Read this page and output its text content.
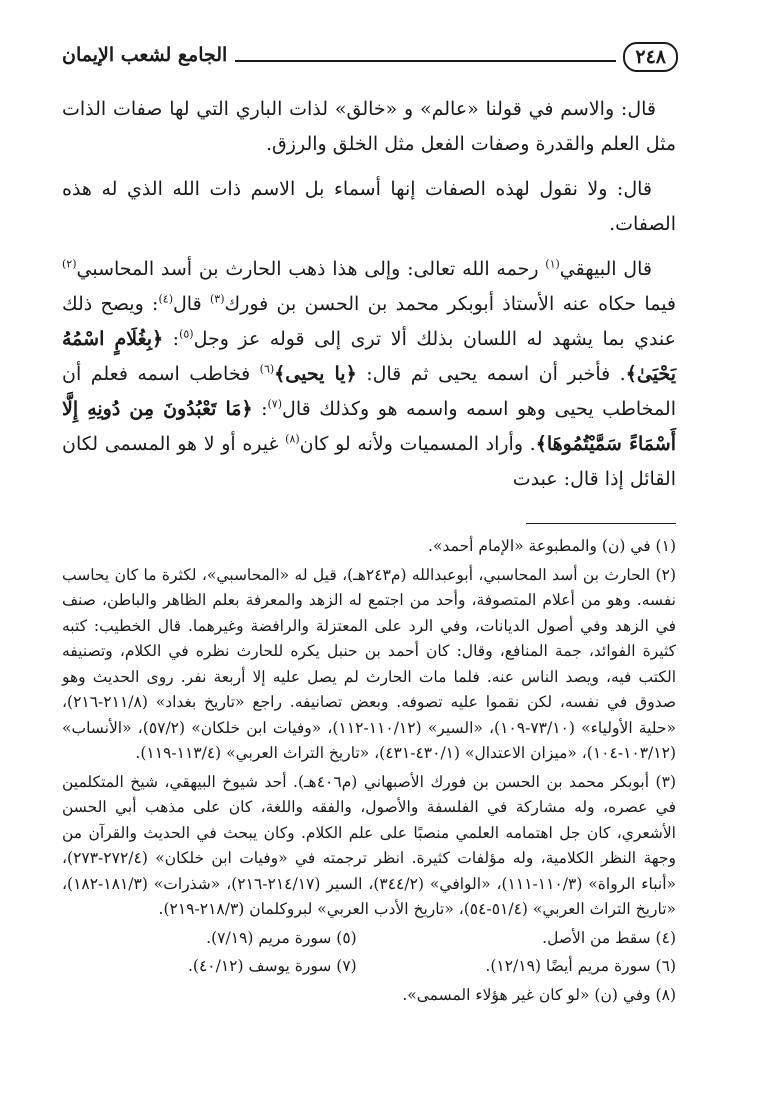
٢٤٨
الجامع لشعب الإيمان

قال: والاسم في قولنا «عالم» و «خالق» لذات الباري التي لها صفات الذات مثل العلم والقدرة وصفات الفعل مثل الخلق والرزق.

قال: ولا نقول لهذه الصفات إنها أسماء بل الاسم ذات الله الذي له هذه الصفات.

قال البيهقي$^{(١)}$ رحمه الله تعالى: وإلى هذا ذهب الحارث بن أسد المحاسبي$^{(٢)}$ فيما حكاه عنه الأستاذ أبوبكر محمد بن الحسن بن فورك$^{(٣)}$ قال$^{(٤)}$: ويصح ذلك عندي بما يشهد له اللسان بذلك ألا ترى إلى قوله عز وجل$^{(٥)}$: ﴿بِغُلَامٍ اسْمُهُ يَحْيَىٰ﴾. فأخبر أن اسمه يحيى ثم قال: ﴿يا يحيى﴾$^{(٦)}$ فخاطب اسمه فعلم أن المخاطب يحيى وهو اسمه واسمه هو وكذلك قال$^{(٧)}$: ﴿مَا تَعْبُدُونَ مِن دُونِهِ إِلَّا أَسْمَاءً سَمَّيْتُمُوهَا﴾. وأراد المسميات ولأنه لو كان$^{(٨)}$ غيره أو لا هو المسمى لكان القائل إذا قال: عبدت

(١) في (ن) والمطبوعة «الإمام أحمد».

(٢) الحارث بن أسد المحاسبي، أبوعبدالله (م٢٤٣هـ)، قيل له «المحاسبي»، لكثرة ما كان يحاسب نفسه. وهو من أعلام المتصوفة، وأحد من اجتمع له الزهد والمعرفة بعلم الظاهر والباطن، صنف في الزهد وفي أصول الديانات، وفي الرد على المعتزلة والرافضة وغيرهما. قال الخطيب: كتبه كثيرة الفوائد، جمة المنافع، وقال: كان أحمد بن حنبل يكره للحارث نظره في الكلام، وتصنيفه الكتب فيه، ويصد الناس عنه. فلما مات الحارث لم يصل عليه إلا أربعة نفر. روى الحديث وهو صدوق في نفسه، لكن نقموا عليه تصوفه. وبعض تصانيفه. راجع «تاريخ بغداد» (٢١١/٨-٢١٦)، «حلية الأولياء» (٧٣/١٠-١٠٩)، «السير» (١١٠/١٢-١١٢)، «وفيات ابن خلكان» (٥٧/٢)، «الأنساب» (١٠٣/١٢-١٠٤)، «ميزان الاعتدال» (٤٣٠/١-٤٣١)، «تاريخ التراث العربي» (١١٣/٤-١١٩).

(٣) أبوبكر محمد بن الحسن بن فورك الأصبهاني (م٤٠٦هـ). أحد شيوخ البيهقي، شيخ المتكلمين في عصره، وله مشاركة في الفلسفة والأصول، والفقه واللغة، كان على مذهب أبي الحسن الأشعري، كان جل اهتمامه العلمي منصبًا على علم الكلام. وكان يبحث في الحديث والقرآن من وجهة النظر الكلامية، وله مؤلفات كثيرة. انظر ترجمته في «وفيات ابن خلكان» (٢٧٢/٤-٢٧٣)، «أنباء الرواة» (١١٠/٣-١١١)، «الوافي» (٣٤٤/٢)، السير (٢١٤/١٧-٢١٦)، «شذرات» (١٨١/٣-١٨٢)، «تاريخ التراث العربي» (٥١/٤-٥٤)، «تاريخ الأدب العربي» لبروكلمان (٢١٨/٣-٢١٩).

(٤) سقط من الأصل.
(٥) سورة مريم (٧/١٩).
(٦) سورة مريم أيضًا (١٢/١٩).
(٧) سورة يوسف (٤٠/١٢).

(٨) وفي (ن) «لو كان غير هؤلاء المسمى».
